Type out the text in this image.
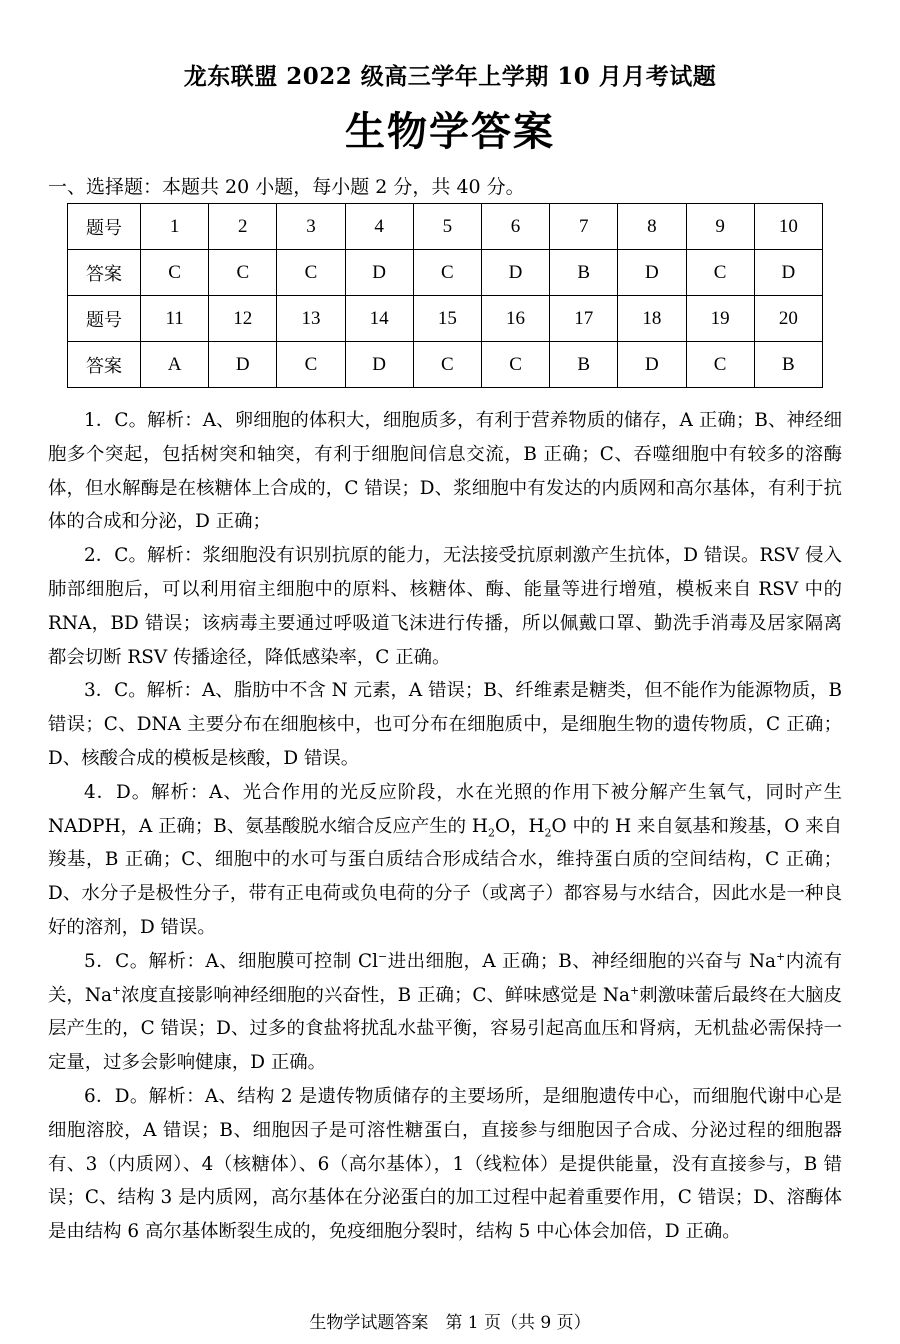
龙东联盟 2022 级高三学年上学期 10 月月考试题
生物学答案
一、选择题：本题共 20 小题，每小题 2 分，共 40 分。
题号	1	2	3	4	5	6	7	8	9	10
答案	C	C	C	D	C	D	B	D	C	D
题号	11	12	13	14	15	16	17	18	19	20
答案	A	D	C	D	C	C	B	D	C	B

1．C。解析：A、卵细胞的体积大，细胞质多，有利于营养物质的储存，A 正确；B、神经细胞多个突起，包括树突和轴突，有利于细胞间信息交流，B 正确；C、吞噬细胞中有较多的溶酶体，但水解酶是在核糖体上合成的，C 错误；D、浆细胞中有发达的内质网和高尔基体，有利于抗体的合成和分泌，D 正确；

2．C。解析：浆细胞没有识别抗原的能力，无法接受抗原刺激产生抗体，D 错误。RSV 侵入肺部细胞后，可以利用宿主细胞中的原料、核糖体、酶、能量等进行增殖，模板来自 RSV 中的 RNA，BD 错误；该病毒主要通过呼吸道飞沫进行传播，所以佩戴口罩、勤洗手消毒及居家隔离都会切断 RSV 传播途径，降低感染率，C 正确。

3．C。解析：A、脂肪中不含 N 元素，A 错误；B、纤维素是糖类，但不能作为能源物质，B 错误；C、DNA 主要分布在细胞核中，也可分布在细胞质中，是细胞生物的遗传物质，C 正确；D、核酸合成的模板是核酸，D 错误。

4．D。解析：A、光合作用的光反应阶段，水在光照的作用下被分解产生氧气，同时产生 NADPH，A 正确；B、氨基酸脱水缩合反应产生的 $H_2O$，$H_2O$ 中的 H 来自氨基和羧基，O 来自羧基，B 正确；C、细胞中的水可与蛋白质结合形成结合水，维持蛋白质的空间结构，C 正确；D、水分子是极性分子，带有正电荷或负电荷的分子（或离子）都容易与水结合，因此水是一种良好的溶剂，D 错误。

5．C。解析：A、细胞膜可控制 Cl−进出细胞，A 正确；B、神经细胞的兴奋与 Na+内流有关，Na+浓度直接影响神经细胞的兴奋性，B 正确；C、鲜味感觉是 Na+刺激味蕾后最终在大脑皮层产生的，C 错误；D、过多的食盐将扰乱水盐平衡，容易引起高血压和肾病，无机盐必需保持一定量，过多会影响健康，D 正确。

6．D。解析：A、结构 2 是遗传物质储存的主要场所，是细胞遗传中心，而细胞代谢中心是细胞溶胶，A 错误；B、细胞因子是可溶性糖蛋白，直接参与细胞因子合成、分泌过程的细胞器有、3（内质网）、4（核糖体）、6（高尔基体），1（线粒体）是提供能量，没有直接参与，B 错误；C、结构 3 是内质网，高尔基体在分泌蛋白的加工过程中起着重要作用，C 错误；D、溶酶体是由结构 6 高尔基体断裂生成的，免疫细胞分裂时，结构 5 中心体会加倍，D 正确。

生物学试题答案　第 1 页（共 9 页）
